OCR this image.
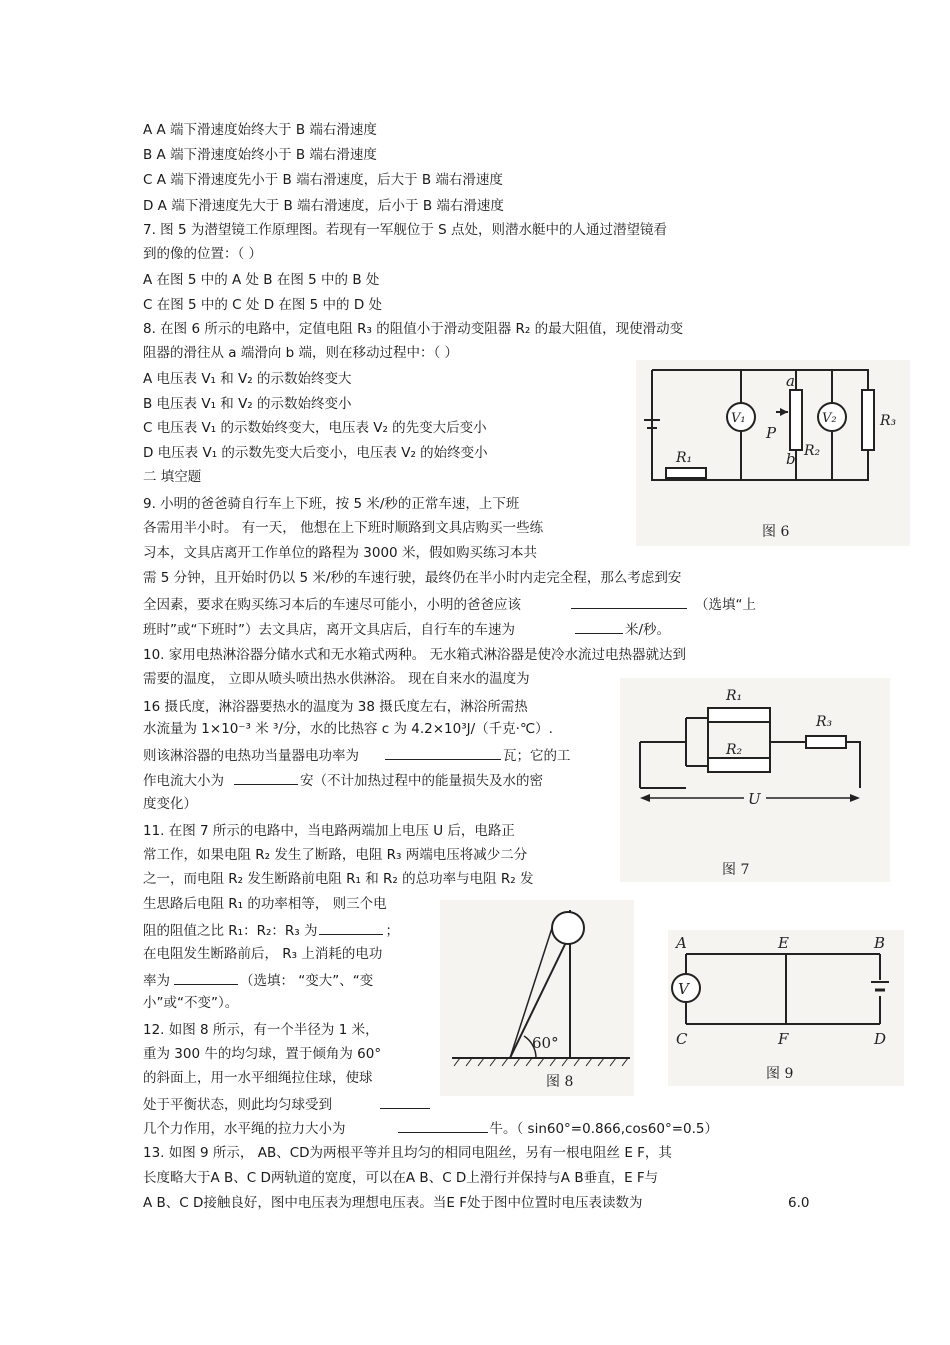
A A 端下滑速度始终大于 B 端右滑速度
B A 端下滑速度始终小于 B 端右滑速度
C A 端下滑速度先小于 B 端右滑速度，后大于 B 端右滑速度
D A 端下滑速度先大于 B 端右滑速度，后小于 B 端右滑速度
7. 图 5 为潜望镜工作原理图。若现有一军舰位于 S 点处，则潜水艇中的人通过潜望镜看
到的像的位置：（ ）
A 在图 5 中的 A 处 B 在图 5 中的 B 处
C 在图 5 中的 C 处 D 在图 5 中的 D 处
8. 在图 6 所示的电路中，定值电阻 R₃ 的阻值小于滑动变阻器 R₂ 的最大阻值，现使滑动变
阻器的滑往从 a 端滑向 b 端，则在移动过程中：（ ）
A 电压表 V₁ 和 V₂ 的示数始终变大
B 电压表 V₁ 和 V₂ 的示数始终变小
C 电压表 V₁ 的示数始终变大，电压表 V₂ 的先变大后变小
D 电压表 V₁ 的示数先变大后变小，电压表 V₂ 的始终变小
二 填空题
9. 小明的爸爸骑自行车上下班，按 5 米/秒的正常车速，上下班
各需用半小时。 有一天， 他想在上下班时顺路到文具店购买一些练
习本，文具店离开工作单位的路程为 3000 米，假如购买练习本共
需 5 分钟，且开始时仍以 5 米/秒的车速行驶，最终仍在半小时内走完全程，那么考虑到安
全因素，要求在购买练习本后的车速尽可能小，小明的爸爸应该	（选填“上
班时”或“下班时”）去文具店，离开文具店后，自行车的车速为	米/秒。
10. 家用电热淋浴器分储水式和无水箱式两种。 无水箱式淋浴器是使冷水流过电热器就达到
需要的温度， 立即从喷头喷出热水供淋浴。 现在自来水的温度为
16 摄氏度，淋浴器要热水的温度为 38 摄氏度左右，淋浴所需热
水流量为 1×10⁻³ 米 ³/分，水的比热容 c 为 4.2×10³J/（千克·℃）.
则该淋浴器的电热功当量器电功率为	瓦；它的工
作电流大小为	安（不计加热过程中的能量损失及水的密
度变化）
11. 在图 7 所示的电路中，当电路两端加上电压 U 后，电路正
常工作，如果电阻 R₂ 发生了断路，电阻 R₃ 两端电压将减少二分
之一，而电阻 R₂ 发生断路前电阻 R₁ 和 R₂ 的总功率与电阻 R₂ 发
生思路后电阻 R₁ 的功率相等， 则三个电
阻的阻值之比 R₁：R₂：R₃ 为	；
在电阻发生断路前后， R₃ 上消耗的电功
率为	（选填： “变大”、“变
小”或“不变”）。
12. 如图 8 所示，有一个半径为 1 米，
重为 300 牛的均匀球，置于倾角为 60°
的斜面上，用一水平细绳拉住球，使球
处于平衡状态，则此均匀球受到
几个力作用，水平绳的拉力大小为	牛。（ sin60°=0.866,cos60°=0.5）
13. 如图 9 所示， AB、CD为两根平等并且均匀的相同电阻丝，另有一根电阻丝 E F，其
长度略大于A B、C D两轨道的宽度，可以在A B、C D上滑行并保持与A B垂直，E F与
A B、C D接触良好，图中电压表为理想电压表。当E F处于图中位置时电压表读数为	6.0
a
b
P
V₁	V₂
R₁	R₂
R₃
图 6
R₁
R₂
R₃
U
图 7
60°
图 8
V
A	E	B
C	F	D
图 9
